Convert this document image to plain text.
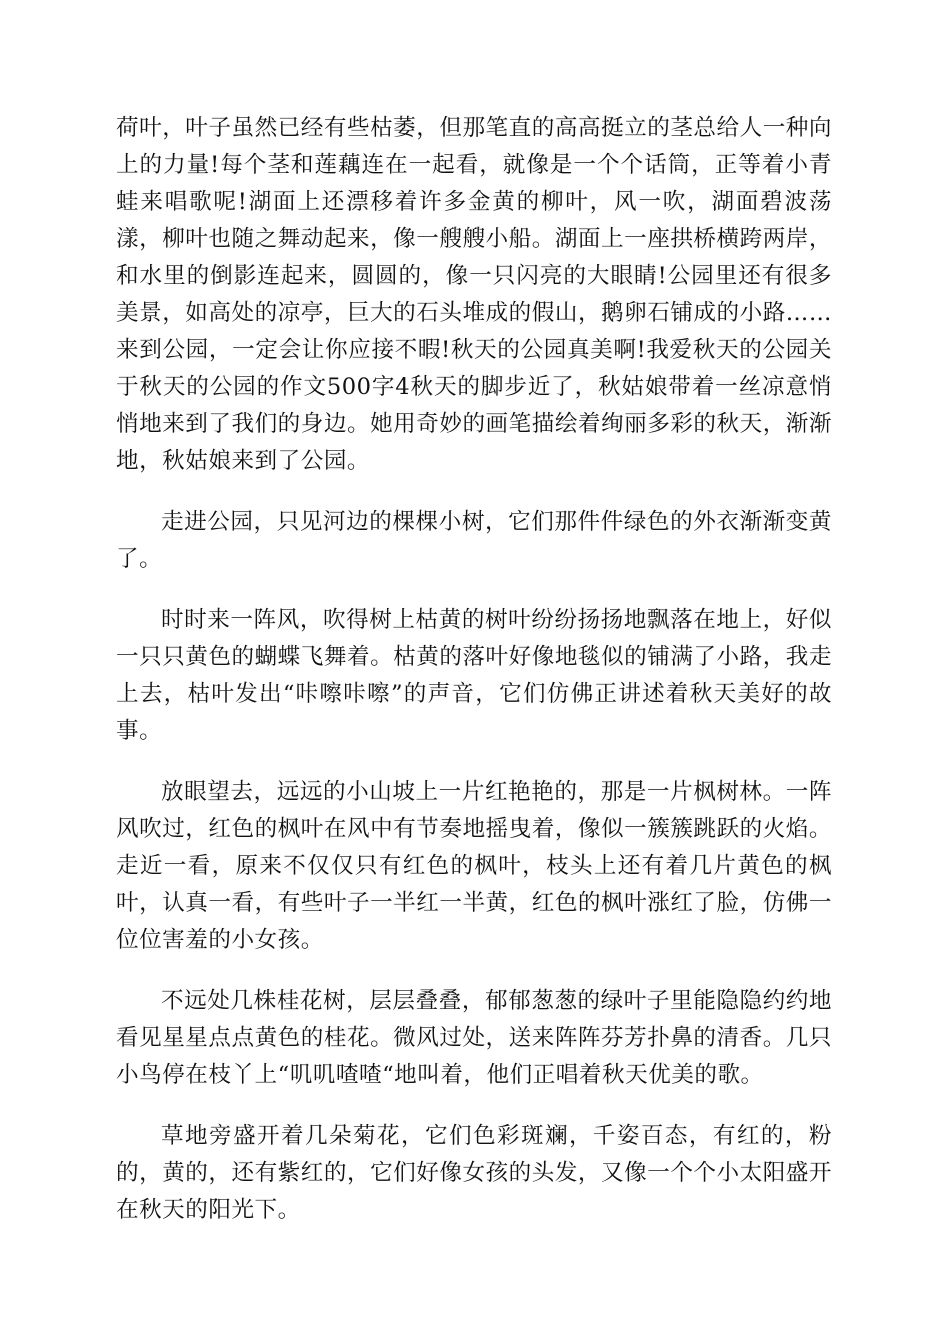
荷叶，叶子虽然已经有些枯萎，但那笔直的高高挺立的茎总给人一种向上的力量!每个茎和莲藕连在一起看，就像是一个个话筒，正等着小青蛙来唱歌呢!湖面上还漂移着许多金黄的柳叶，风一吹，湖面碧波荡漾，柳叶也随之舞动起来，像一艘艘小船。湖面上一座拱桥横跨两岸，和水里的倒影连起来，圆圆的，像一只闪亮的大眼睛!公园里还有很多美景，如高处的凉亭，巨大的石头堆成的假山，鹅卵石铺成的小路……来到公园，一定会让你应接不暇!秋天的公园真美啊!我爱秋天的公园关于秋天的公园的作文500字4秋天的脚步近了，秋姑娘带着一丝凉意悄悄地来到了我们的身边。她用奇妙的画笔描绘着绚丽多彩的秋天，渐渐地，秋姑娘来到了公园。

走进公园，只见河边的棵棵小树，它们那件件绿色的外衣渐渐变黄了。

时时来一阵风，吹得树上枯黄的树叶纷纷扬扬地飘落在地上，好似一只只黄色的蝴蝶飞舞着。枯黄的落叶好像地毯似的铺满了小路，我走上去，枯叶发出“咔嚓咔嚓”的声音，它们仿佛正讲述着秋天美好的故事。

放眼望去，远远的小山坡上一片红艳艳的，那是一片枫树林。一阵风吹过，红色的枫叶在风中有节奏地摇曳着，像似一簇簇跳跃的火焰。走近一看，原来不仅仅只有红色的枫叶，枝头上还有着几片黄色的枫叶，认真一看，有些叶子一半红一半黄，红色的枫叶涨红了脸，仿佛一位位害羞的小女孩。

不远处几株桂花树，层层叠叠，郁郁葱葱的绿叶子里能隐隐约约地看见星星点点黄色的桂花。微风过处，送来阵阵芬芳扑鼻的清香。几只小鸟停在枝丫上“叽叽喳喳“地叫着，他们正唱着秋天优美的歌。

草地旁盛开着几朵菊花，它们色彩斑斓，千姿百态，有红的，粉的，黄的，还有紫红的，它们好像女孩的头发，又像一个个小太阳盛开在秋天的阳光下。
